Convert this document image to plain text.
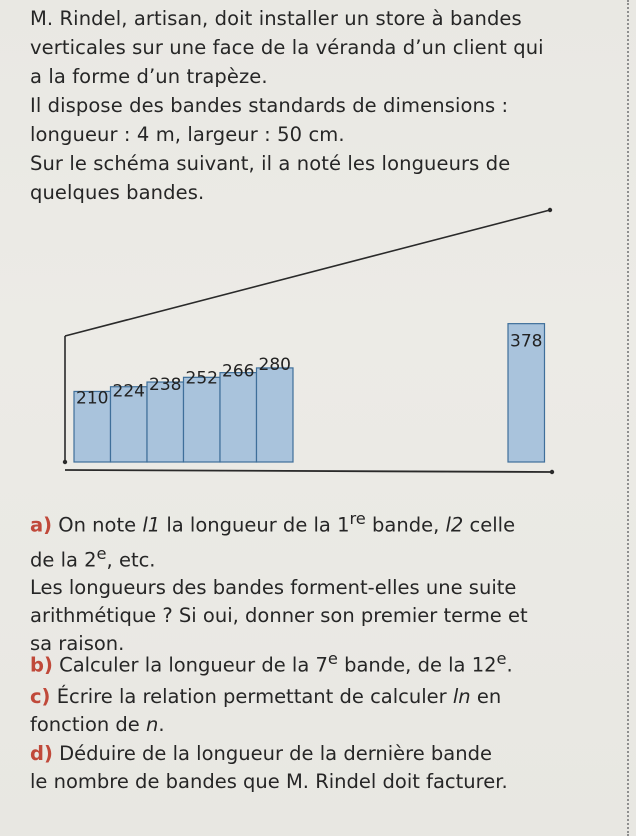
M. Rindel, artisan, doit installer un store à bandes

verticales sur une face de la véranda d’un client qui

a la forme d’un trapèze.

Il dispose des bandes standards de dimensions :

longueur : 4 m, largeur : 50 cm.

Sur le schéma suivant, il a noté les longueurs de

quelques bandes.

210 224 238 252 266 280
378

a) On note l1 la longueur de la 1re bande, l2 celle

de la 2e, etc.

Les longueurs des bandes forment-elles une suite

arithmétique ? Si oui, donner son premier terme et

sa raison.

b) Calculer la longueur de la 7e bande, de la 12e.

c) Écrire la relation permettant de calculer ln en

fonction de n.

d) Déduire de la longueur de la dernière bande

le nombre de bandes que M. Rindel doit facturer.
